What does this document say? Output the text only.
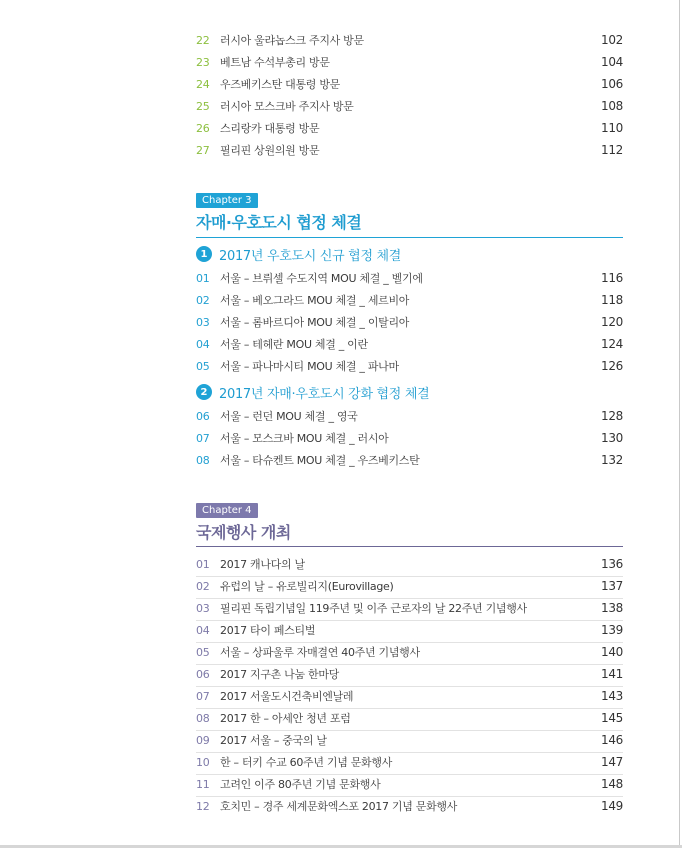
22 러시아 울랴놉스크 주지사 방문	102
23 베트남 수석부총리 방문	104
24 우즈베키스탄 대통령 방문	106
25 러시아 모스크바 주지사 방문	108
26 스리랑카 대통령 방문	110
27 필리핀 상원의원 방문	112
Chapter 3
자매·우호도시 협정 체결
1 2017년 우호도시 신규 협정 체결
01 서울 – 브뤼셀 수도지역 MOU 체결 _ 벨기에	116
02 서울 – 베오그라드 MOU 체결 _ 세르비아	118
03 서울 – 롬바르디아 MOU 체결 _ 이탈리아	120
04 서울 – 테헤란 MOU 체결 _ 이란	124
05 서울 – 파나마시티 MOU 체결 _ 파나마	126
2 2017년 자매·우호도시 강화 협정 체결
06 서울 – 런던 MOU 체결 _ 영국	128
07 서울 – 모스크바 MOU 체결 _ 러시아	130
08 서울 – 타슈켄트 MOU 체결 _ 우즈베키스탄	132
Chapter 4
국제행사 개최
01 2017 캐나다의 날	136
02 유럽의 날 – 유로빌리지(Eurovillage)	137
03 필리핀 독립기념일 119주년 및 이주 근로자의 날 22주년 기념행사	138
04 2017 타이 페스티벌	139
05 서울 – 상파울루 자매결연 40주년 기념행사	140
06 2017 지구촌 나눔 한마당	141
07 2017 서울도시건축비엔날레	143
08 2017 한 – 아세안 청년 포럼	145
09 2017 서울 – 중국의 날	146
10 한 – 터키 수교 60주년 기념 문화행사	147
11 고려인 이주 80주년 기념 문화행사	148
12 호치민 – 경주 세계문화엑스포 2017 기념 문화행사	149
